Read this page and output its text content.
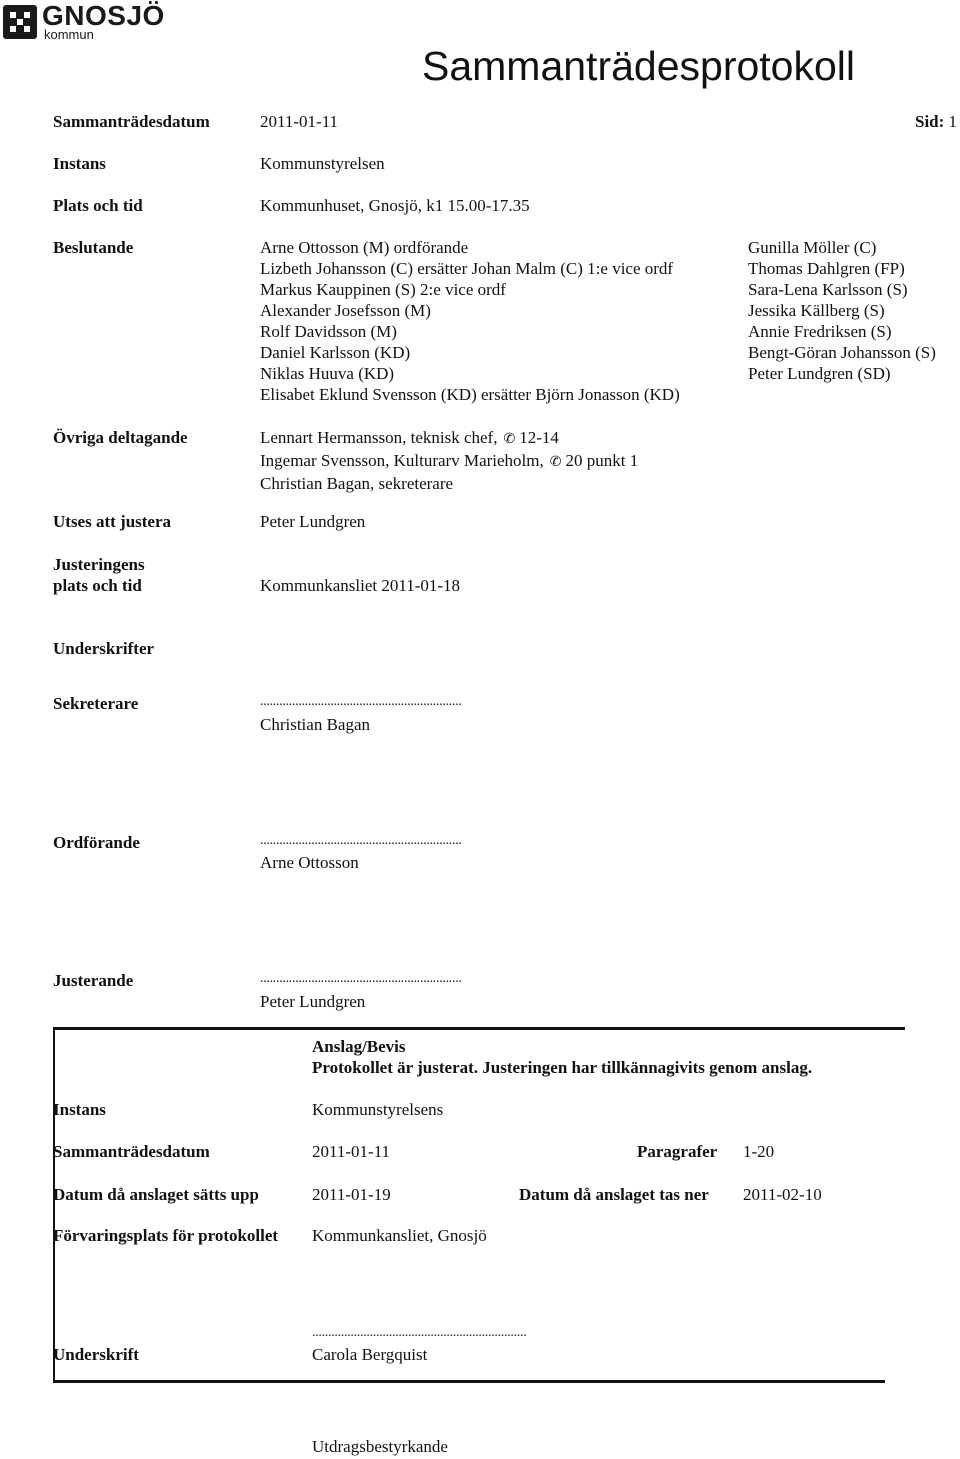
GNOSJÖ
kommun
Sammanträdesprotokoll
Sammanträdesdatum	2011-01-11	Sid: 1
Instans	Kommunstyrelsen
Plats och tid	Kommunhuset, Gnosjö, k1 15.00-17.35
Beslutande	Arne Ottosson (M) ordförande
Lizbeth Johansson (C) ersätter Johan Malm (C) 1:e vice ordf
Markus Kauppinen (S) 2:e vice ordf
Alexander Josefsson (M)
Rolf Davidsson (M)
Daniel Karlsson (KD)
Niklas Huuva (KD)
Elisabet Eklund Svensson (KD) ersätter Björn Jonasson (KD)
Gunilla Möller (C)
Thomas Dahlgren (FP)
Sara-Lena Karlsson (S)
Jessika Källberg (S)
Annie Fredriksen (S)
Bengt-Göran Johansson (S)
Peter Lundgren (SD)
Övriga deltagande	Lennart Hermansson, teknisk chef, ✆ 12-14
Ingemar Svensson, Kulturarv Marieholm, ✆ 20 punkt 1
Christian Bagan, sekreterare
Utses att justera	Peter Lundgren
Justeringens
plats och tid	Kommunkansliet 2011-01-18
Underskrifter
Sekreterare	...............................................................
Christian Bagan
Ordförande	...............................................................
Arne Ottosson
Justerande	...............................................................
Peter Lundgren
Anslag/Bevis
Protokollet är justerat. Justeringen har tillkännagivits genom anslag.
Instans	Kommunstyrelsens
Sammanträdesdatum	2011-01-11	Paragrafer 1-20
Datum då anslaget sätts upp	2011-01-19	Datum då anslaget tas ner 2011-02-10
Förvaringsplats för protokollet Kommunkansliet, Gnosjö
...................................................................
Underskrift	Carola Bergquist
Utdragsbestyrkande
